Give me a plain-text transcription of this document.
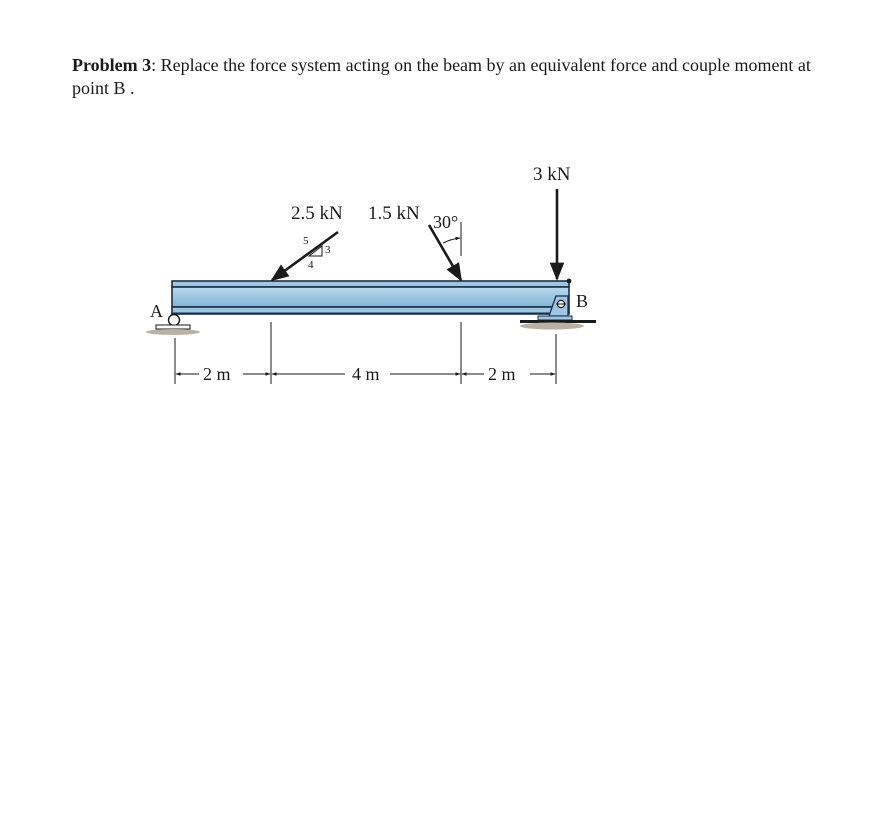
Problem 3: Replace the force system acting on the beam by an equivalent force and couple moment at point B .
A	B
2.5 kN
5
3
4
1.5 kN 30°
3 kN
2 m	4 m	2 m
